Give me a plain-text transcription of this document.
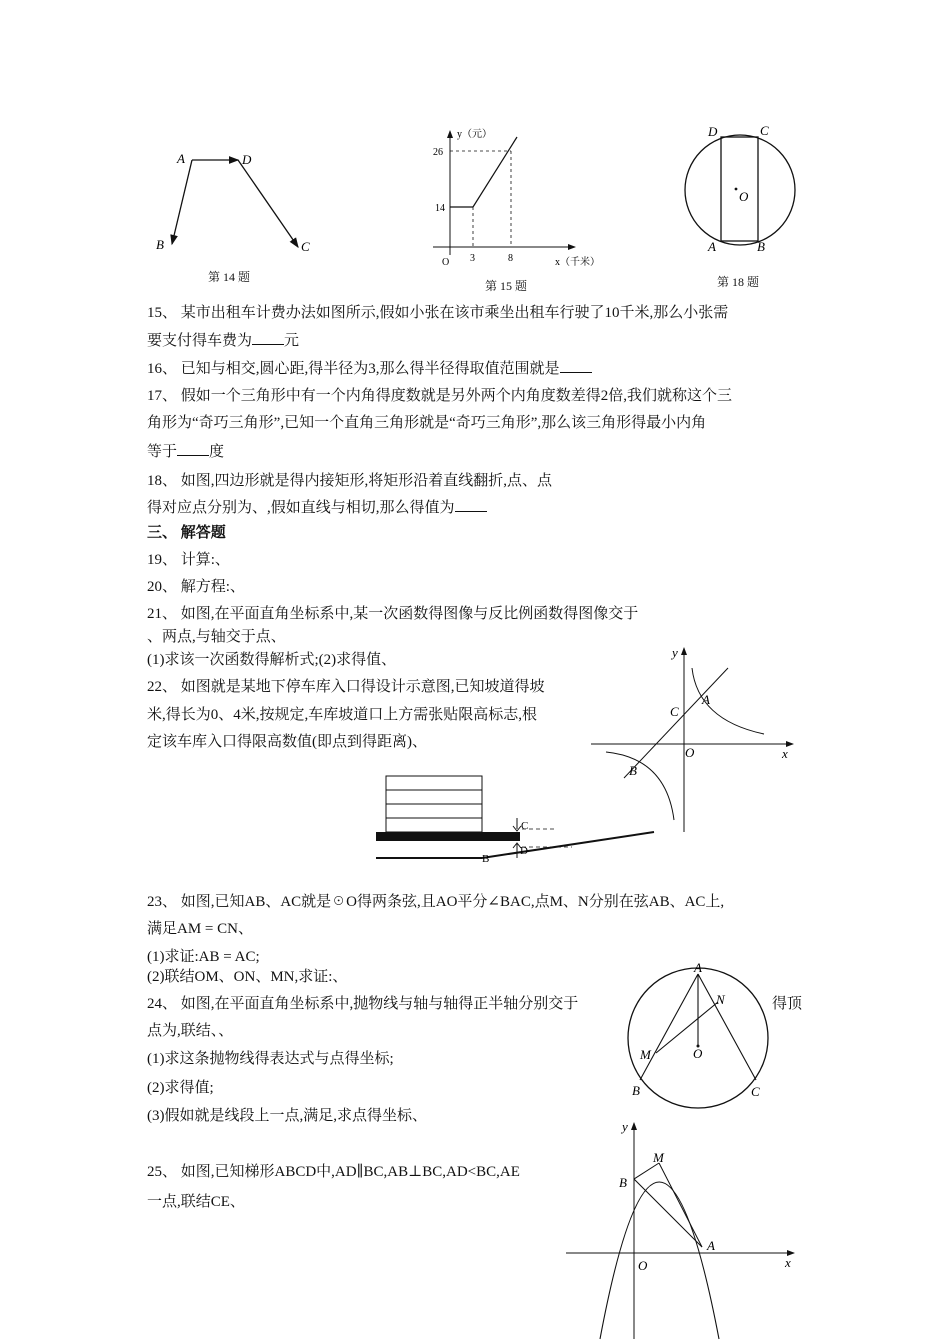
A	D
B	C
第 14 题
y（元）
26
14
3	8
O	x（千米）
第 15 题
D	C
O
A	B
第 18 题
15、 某市出租车计费办法如图所示,假如小张在该市乘坐出租车行驶了10千米,那么小张需
要支付得车费为 元
16、 已知与相交,圆心距,得半径为3,那么得半径得取值范围就是
17、 假如一个三角形中有一个内角得度数就是另外两个内角度数差得2倍,我们就称这个三
角形为“奇巧三角形”,已知一个直角三角形就是“奇巧三角形”,那么该三角形得最小内角
等于 度
18、 如图,四边形就是得内接矩形,将矩形沿着直线翻折,点、点
得对应点分别为、,假如直线与相切,那么得值为
三、 解答题
19、 计算:、
20、 解方程:、
21、 如图,在平面直角坐标系中,某一次函数得图像与反比例函数得图像交于
、两点,与轴交于点、
(1)求该一次函数得解析式;(2)求得值、
22、 如图就是某地下停车库入口得设计示意图,已知坡道得坡
米,得长为0、4米,按规定,车库坡道口上方需张贴限高标志,根
定该车库入口得限高数值(即点到得距离)、
y
A
C
O	x
B
C
D
B
23、 如图,已知AB、AC就是☉O得两条弦,且AO平分∠BAC,点M、N分别在弦AB、AC上,
满足AM = CN、
(1)求证:AB = AC;
(2)联结OM、ON、MN,求证:、
24、 如图,在平面直角坐标系中,抛物线与轴与轴得正半轴分别交于	得顶
点为,联结、、
(1)求这条抛物线得表达式与点得坐标;
(2)求得值;
(3)假如就是线段上一点,满足,求点得坐标、
25、 如图,已知梯形ABCD中,AD∥BC,AB⊥BC,AD<BC,AE
一点,联结CE、
A
N
M	O
B	C
y
M
B
A
O	x
